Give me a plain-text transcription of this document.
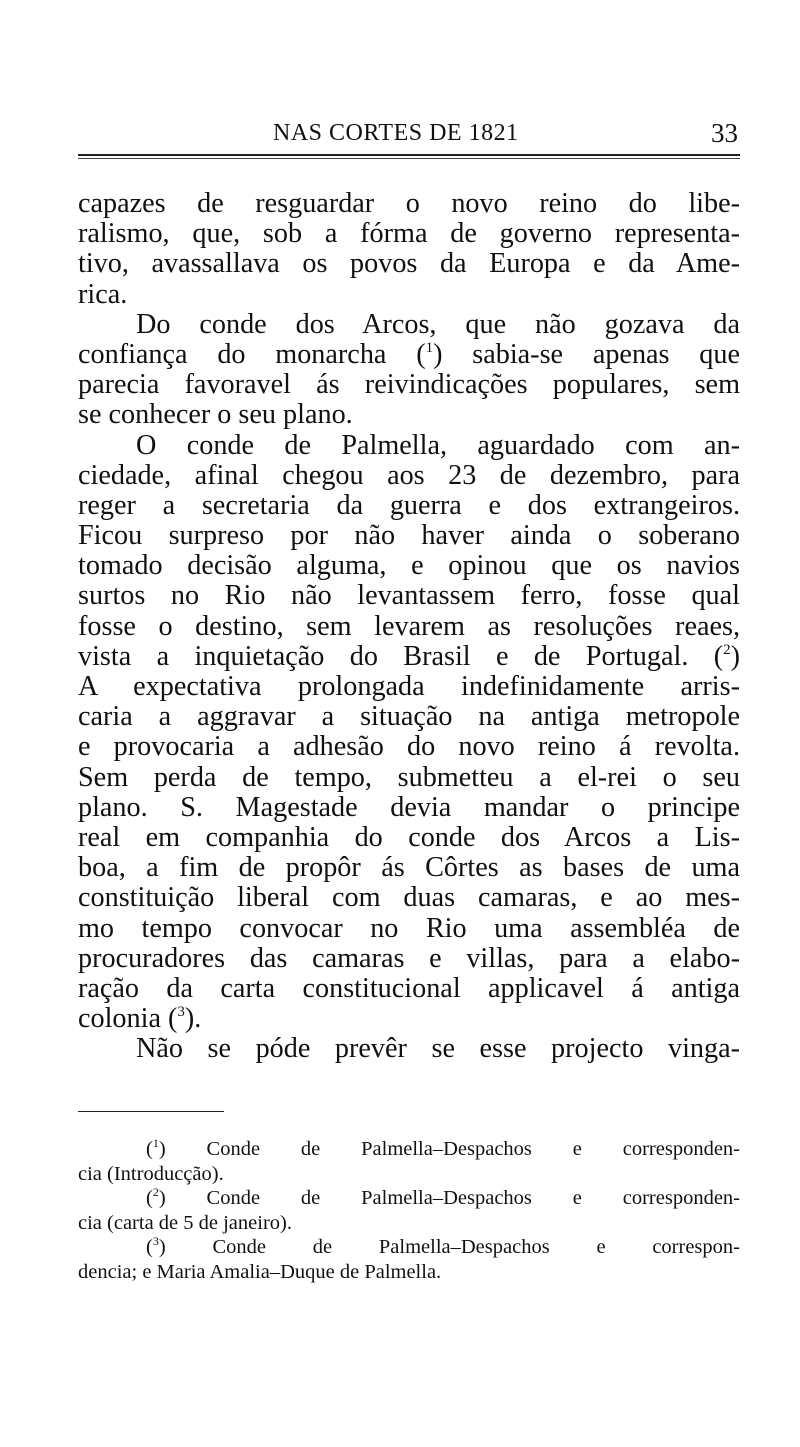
NAS CORTES DE 1821	33
capazes de resguardar o novo reino do libe-
ralismo, que, sob a fórma de governo representa-
tivo, avassallava os povos da Europa e da Ame-
rica.
Do conde dos Arcos, que não gozava da
confiança do monarcha ($^1$) sabia-se apenas que
parecia favoravel ás reivindicações populares, sem
se conhecer o seu plano.
O conde de Palmella, aguardado com an-
ciedade, afinal chegou aos 23 de dezembro, para
reger a secretaria da guerra e dos extrangeiros.
Ficou surpreso por não haver ainda o soberano
tomado decisão alguma, e opinou que os navios
surtos no Rio não levantassem ferro, fosse qual
fosse o destino, sem levarem as resoluções reaes,
vista a inquietação do Brasil e de Portugal. ($^2$)
A expectativa prolongada indefinidamente arris-
caria a aggravar a situação na antiga metropole
e provocaria a adhesão do novo reino á revolta.
Sem perda de tempo, submetteu a el-rei o seu
plano. S. Magestade devia mandar o principe
real em companhia do conde dos Arcos a Lis-
boa, a fim de propôr ás Côrtes as bases de uma
constituição liberal com duas camaras, e ao mes-
mo tempo convocar no Rio uma assembléa de
procuradores das camaras e villas, para a elabo-
ração da carta constitucional applicavel á antiga
colonia ($^3$).
Não se póde prevêr se esse projecto vinga-
($^1$) Conde de Palmella–Despachos e corresponden-
cia (Introducção).
($^2$) Conde de Palmella–Despachos e corresponden-
cia (carta de 5 de janeiro).
($^3$) Conde de Palmella–Despachos e correspon-
dencia; e Maria Amalia–Duque de Palmella.
